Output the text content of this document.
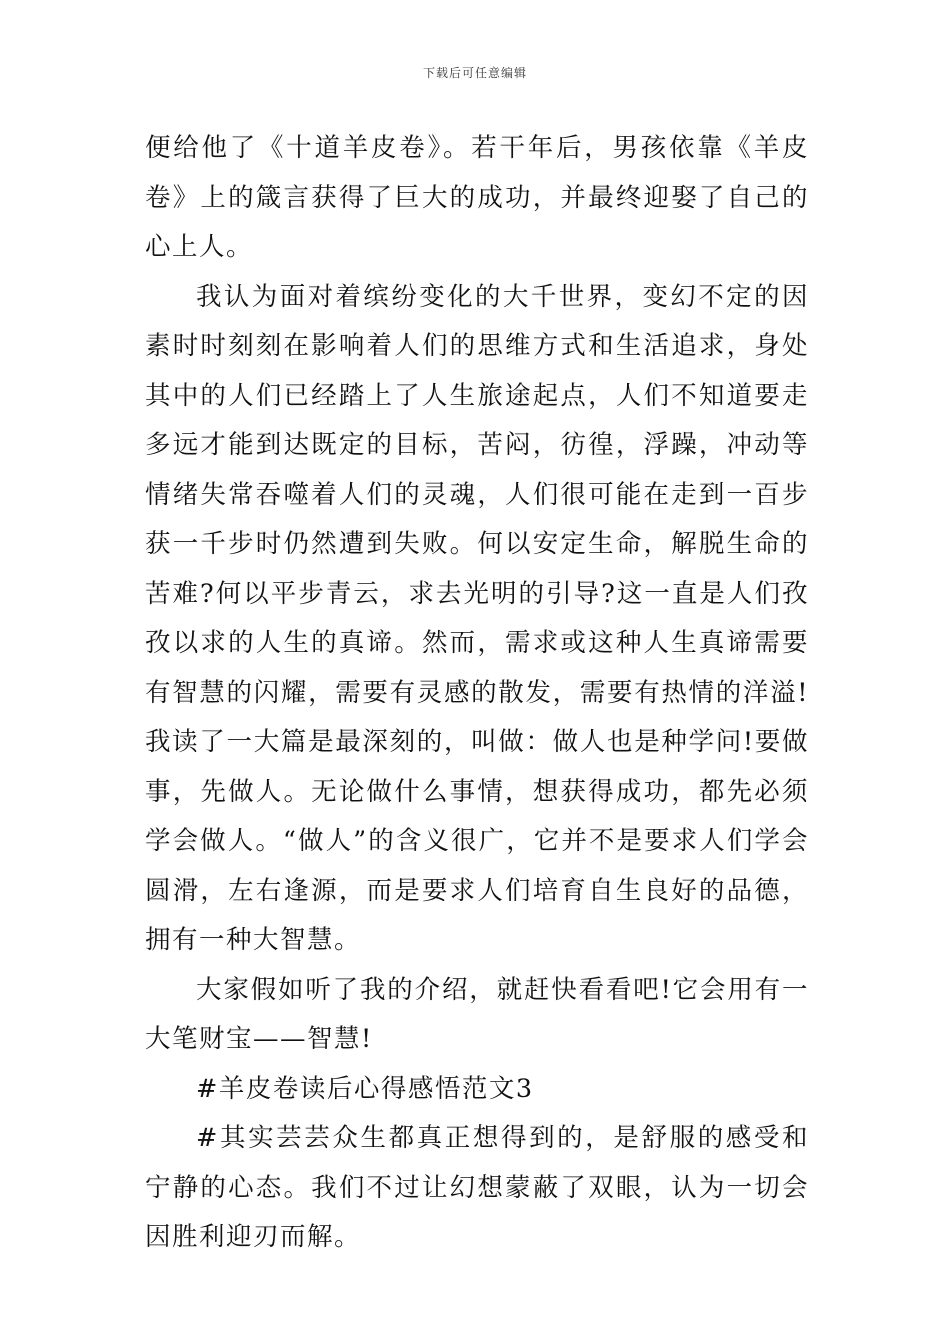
下载后可任意编辑

便给他了《十道羊皮卷》。若干年后，男孩依靠《羊皮卷》上的箴言获得了巨大的成功，并最终迎娶了自己的心上人。

我认为面对着缤纷变化的大千世界，变幻不定的因素时时刻刻在影响着人们的思维方式和生活追求，身处其中的人们已经踏上了人生旅途起点，人们不知道要走多远才能到达既定的目标，苦闷，彷徨，浮躁，冲动等情绪失常吞噬着人们的灵魂，人们很可能在走到一百步获一千步时仍然遭到失败。何以安定生命，解脱生命的苦难?何以平步青云，求去光明的引导?这一直是人们孜孜以求的人生的真谛。然而，需求或这种人生真谛需要有智慧的闪耀，需要有灵感的散发，需要有热情的洋溢!我读了一大篇是最深刻的，叫做：做人也是种学问!要做事，先做人。无论做什么事情，想获得成功，都先必须学会做人。“做人”的含义很广，它并不是要求人们学会圆滑，左右逢源，而是要求人们培育自生良好的品德，拥有一种大智慧。

大家假如听了我的介绍，就赶快看看吧!它会用有一大笔财宝——智慧!

#羊皮卷读后心得感悟范文3

#其实芸芸众生都真正想得到的，是舒服的感受和宁静的心态。我们不过让幻想蒙蔽了双眼，认为一切会因胜利迎刃而解。
